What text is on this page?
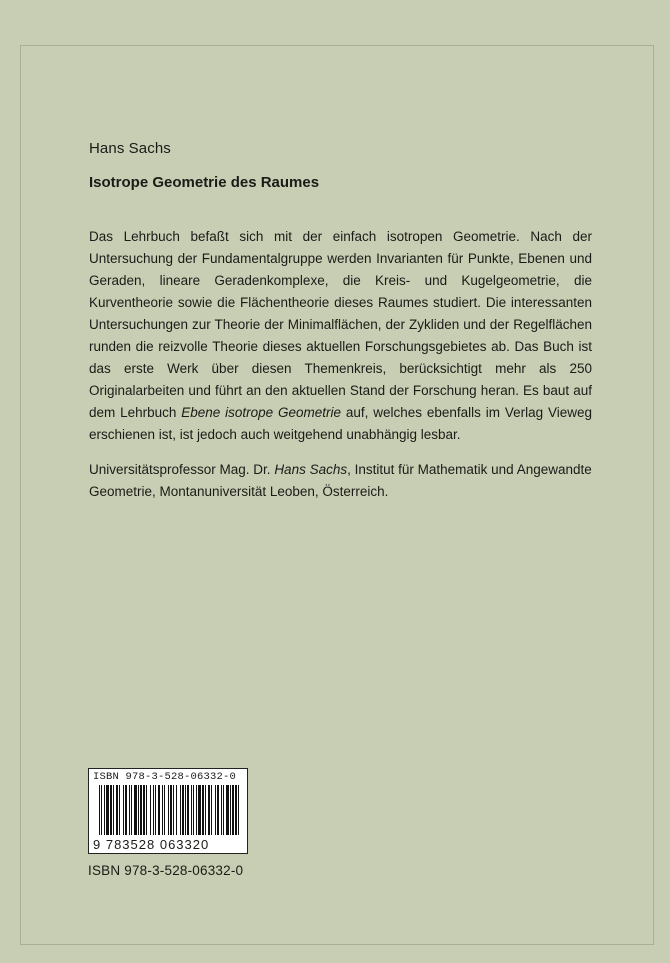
Hans Sachs
Isotrope Geometrie des Raumes

Das Lehrbuch befaßt sich mit der einfach isotropen Geometrie. Nach der Untersuchung der Fundamentalgruppe werden Invarianten für Punkte, Ebenen und Geraden, lineare Geradenkomplexe, die Kreis- und Kugelgeometrie, die Kurventheorie sowie die Flächentheorie dieses Raumes studiert. Die interessanten Untersuchungen zur Theorie der Minimalflächen, der Zykliden und der Regelflächen runden die reizvolle Theorie dieses aktuellen Forschungsgebietes ab. Das Buch ist das erste Werk über diesen Themenkreis, berücksichtigt mehr als 250 Originalarbeiten und führt an den aktuellen Stand der Forschung heran. Es baut auf dem Lehrbuch Ebene isotrope Geometrie auf, welches ebenfalls im Verlag Vieweg erschienen ist, ist jedoch auch weitgehend unabhängig lesbar.

Universitätsprofessor Mag. Dr. Hans Sachs, Institut für Mathematik und Angewandte Geometrie, Montanuniversität Leoben, Österreich.

ISBN 978-3-528-06332-0
9 783528 063320
ISBN 978-3-528-06332-0
